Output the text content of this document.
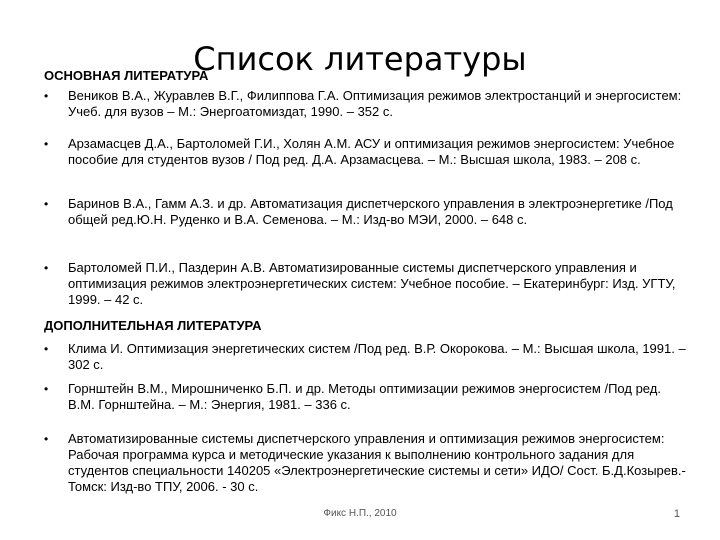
Список литературы
ОСНОВНАЯ ЛИТЕРАТУРА
• Веников В.А., Журавлев В.Г., Филиппова Г.А. Оптимизация режимов электростанций и энергосистем: Учеб. для вузов – М.: Энергоатомиздат, 1990. – 352 с.
• Арзамасцев Д.А., Бартоломей Г.И., Холян А.М. АСУ и оптимизация режимов энергосистем: Учебное пособие для студентов вузов / Под ред. Д.А. Арзамасцева. – М.: Высшая школа, 1983. – 208 с.
• Баринов В.А., Гамм А.З. и др. Автоматизация диспетчерского управления в электроэнергетике /Под общей ред.Ю.Н. Руденко и В.А. Семенова. – М.: Изд-во МЭИ, 2000. – 648 с.
• Бартоломей П.И., Паздерин А.В. Автоматизированные системы диспетчерского управления и оптимизация режимов электроэнергетических систем: Учебное пособие. – Екатеринбург: Изд. УГТУ, 1999. – 42 с.
ДОПОЛНИТЕЛЬНАЯ ЛИТЕРАТУРА
• Клима И. Оптимизация энергетических систем /Под ред. В.Р. Окорокова. – М.: Высшая школа, 1991. – 302 с.
• Горнштейн В.М., Мирошниченко Б.П. и др. Методы оптимизации режимов энергосистем /Под ред. В.М. Горнштейна. – М.: Энергия, 1981. – 336 с.
• Автоматизированные системы диспетчерского управления и оптимизация режимов энергосистем: Рабочая программа курса и методические указания к выполнению контрольного задания для студентов специальности 140205 «Электроэнергетические системы и сети» ИДО/ Сост. Б.Д.Козырев.- Томск: Изд-во ТПУ, 2006. - 30 с.
Фикс Н.П., 2010	1
